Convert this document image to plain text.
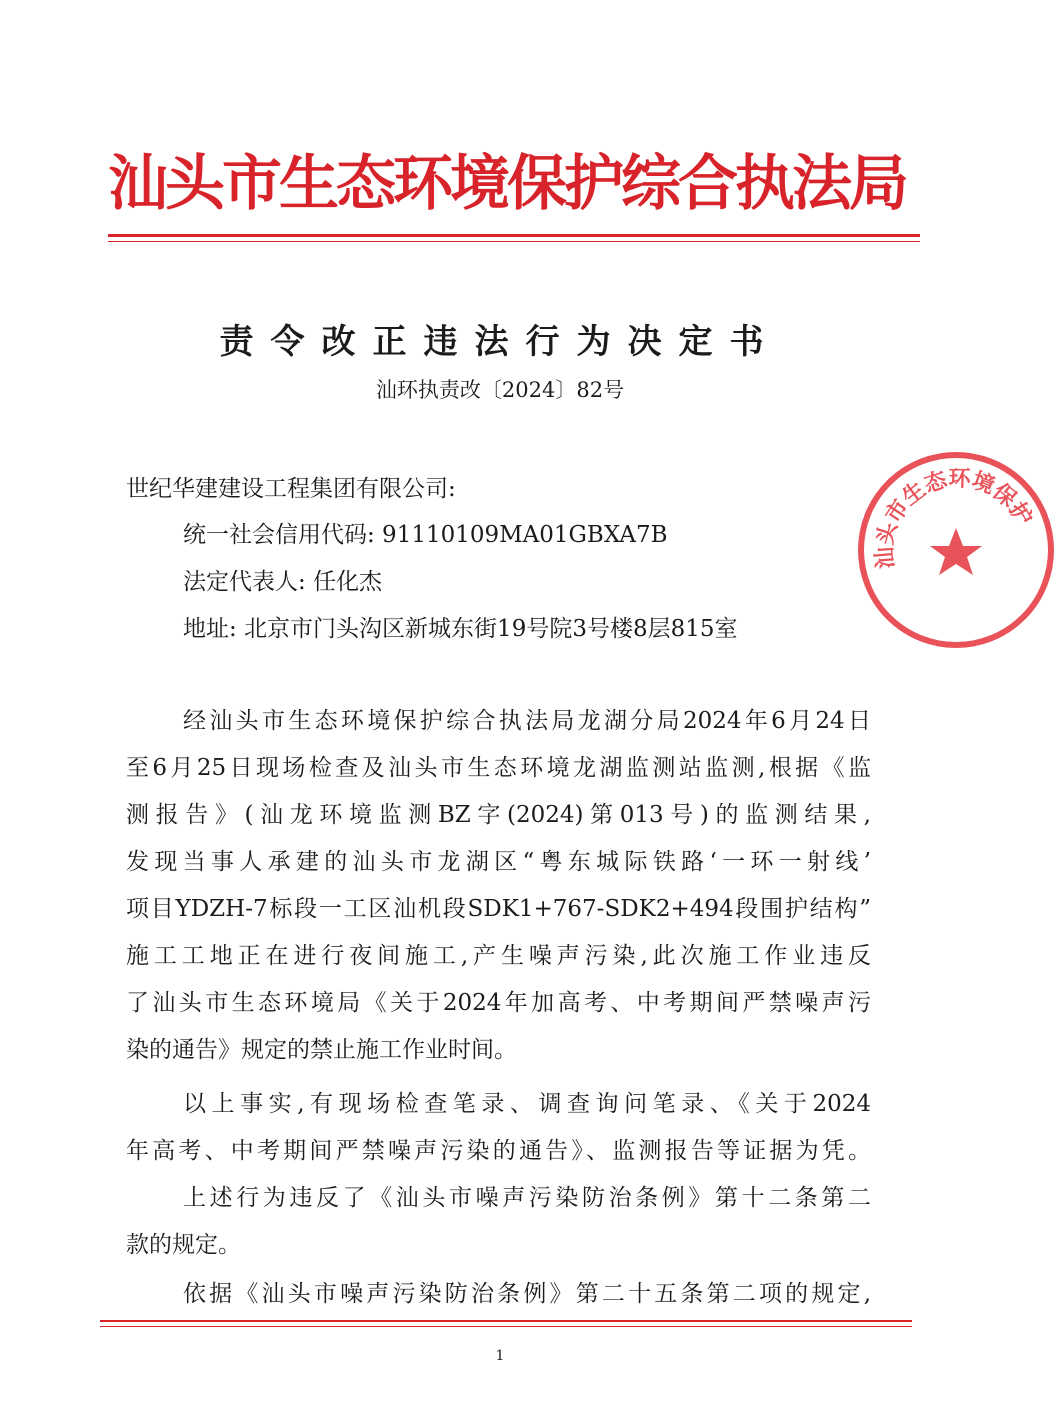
汕头市生态环境保护综合执法局
责令改正违法行为决定书
汕环执责改〔2024〕82号
世纪华建建设工程集团有限公司:
统一社会信用代码: 91110109MA01GBXA7B
法定代表人: 任化杰
地址: 北京市门头沟区新城东街19号院3号楼8层815室
经汕头市生态环境保护综合执法局龙湖分局2024年6月24日
至6月25日现场检查及汕头市生态环境龙湖监测站监测,根据《监
测报告》(汕龙环境监测BZ字(2024)第013号)的监测结果,
发现当事人承建的汕头市龙湖区“粤东城际铁路‘一环一射线’
项目YDZH-7标段一工区汕机段SDK1+767-SDK2+494段围护结构”
施工工地正在进行夜间施工,产生噪声污染,此次施工作业违反
了汕头市生态环境局《关于2024年加高考、中考期间严禁噪声污
染的通告》规定的禁止施工作业时间。
以上事实,有现场检查笔录、调查询问笔录、《关于2024
年高考、中考期间严禁噪声污染的通告》、监测报告等证据为凭。
上述行为违反了《汕头市噪声污染防治条例》第十二条第二
款的规定。
依据《汕头市噪声污染防治条例》第二十五条第二项的规定,
汕头市生态环境保护
1
